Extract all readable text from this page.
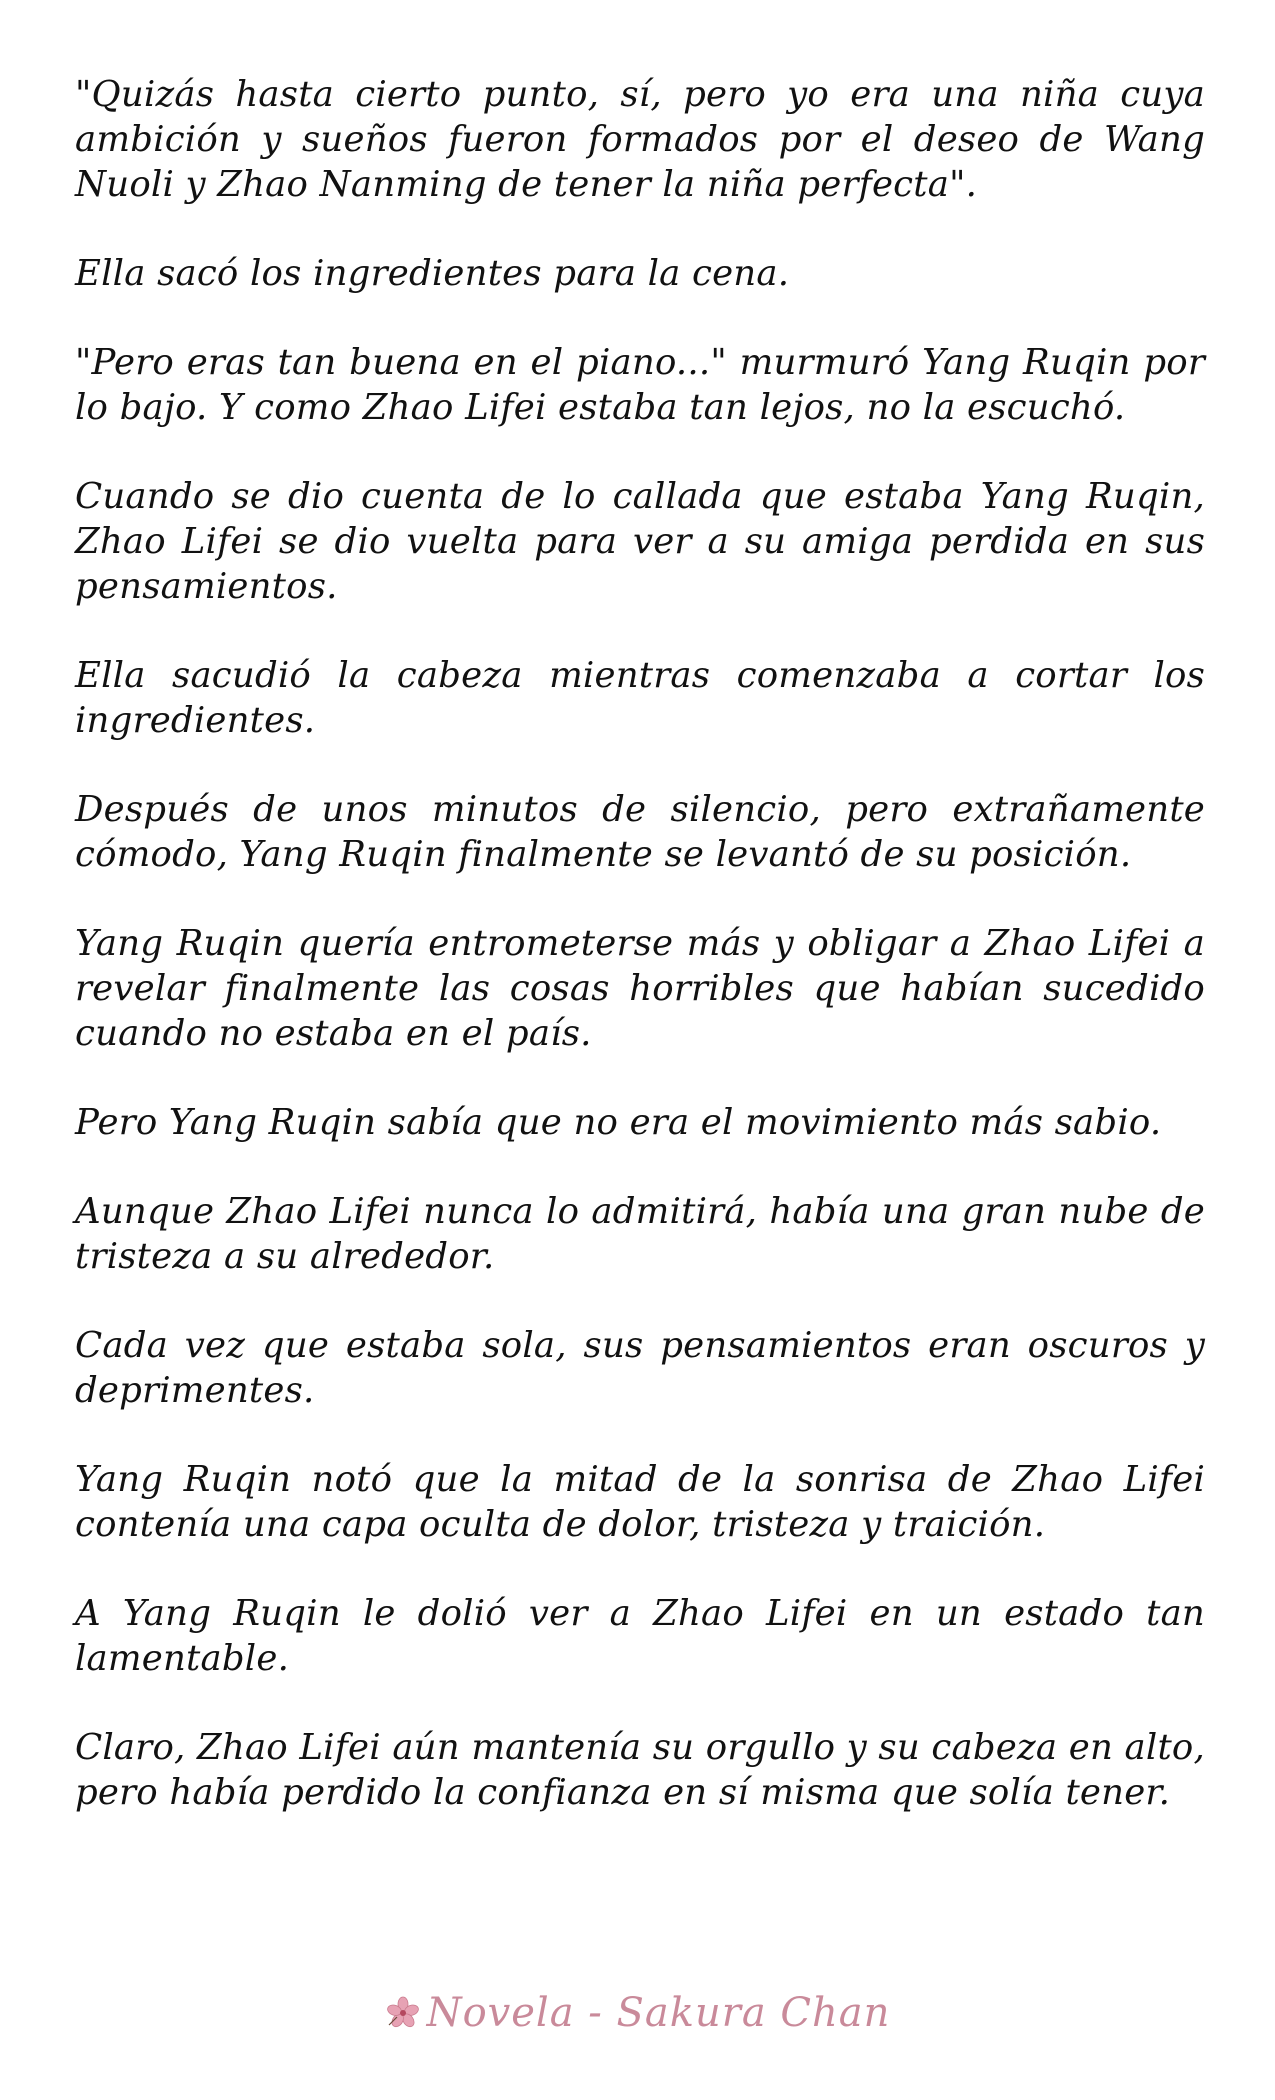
"Quizás hasta cierto punto, sí, pero yo era una niña cuya ambición y sueños fueron formados por el deseo de Wang Nuoli y Zhao Nanming de tener la niña perfecta".

Ella sacó los ingredientes para la cena.

"Pero eras tan buena en el piano..." murmuró Yang Ruqin por lo bajo. Y como Zhao Lifei estaba tan lejos, no la escuchó.

Cuando se dio cuenta de lo callada que estaba Yang Ruqin, Zhao Lifei se dio vuelta para ver a su amiga perdida en sus pensamientos.

Ella sacudió la cabeza mientras comenzaba a cortar los ingredientes.

Después de unos minutos de silencio, pero extrañamente cómodo, Yang Ruqin finalmente se levantó de su posición.

Yang Ruqin quería entrometerse más y obligar a Zhao Lifei a revelar finalmente las cosas horribles que habían sucedido cuando no estaba en el país.

Pero Yang Ruqin sabía que no era el movimiento más sabio.

Aunque Zhao Lifei nunca lo admitirá, había una gran nube de tristeza a su alrededor.

Cada vez que estaba sola, sus pensamientos eran oscuros y deprimentes.

Yang Ruqin notó que la mitad de la sonrisa de Zhao Lifei contenía una capa oculta de dolor, tristeza y traición.

A Yang Ruqin le dolió ver a Zhao Lifei en un estado tan lamentable.

Claro, Zhao Lifei aún mantenía su orgullo y su cabeza en alto, pero había perdido la confianza en sí misma que solía tener.

Novela - Sakura Chan
